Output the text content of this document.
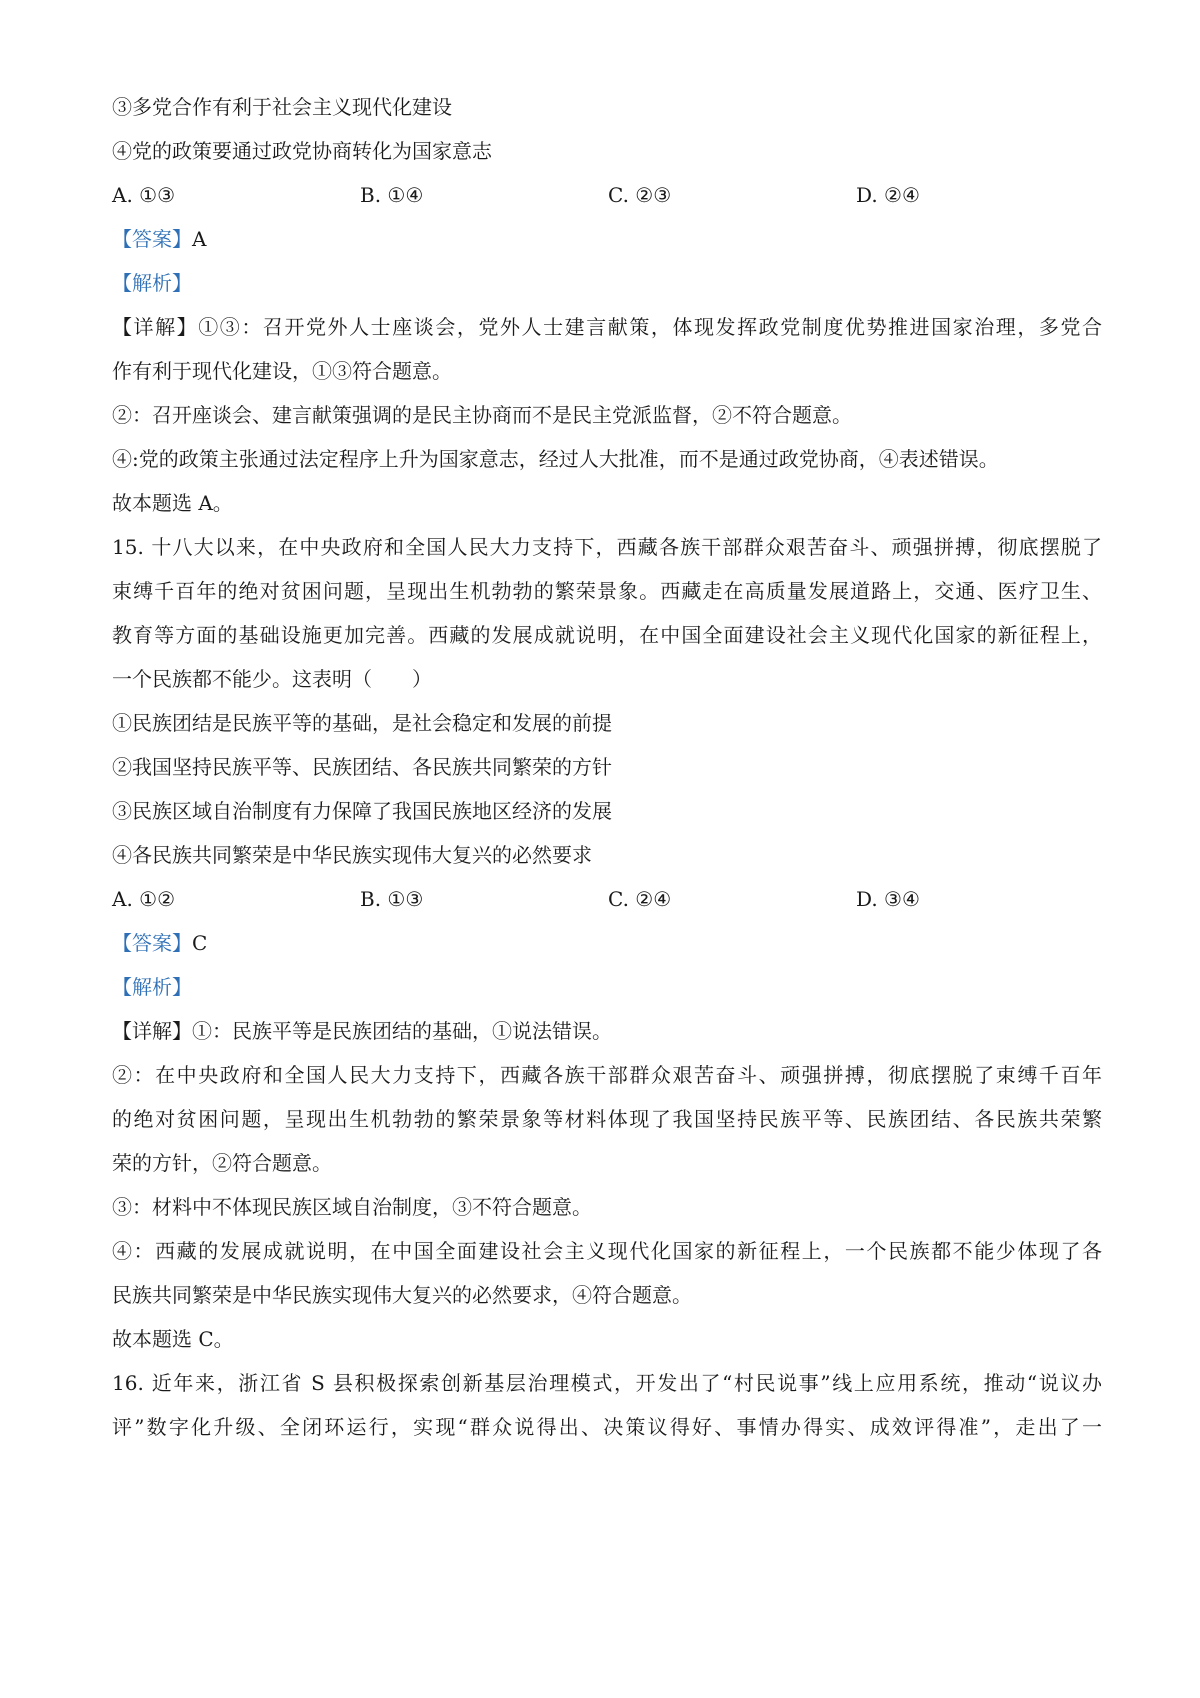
③多党合作有利于社会主义现代化建设
④党的政策要通过政党协商转化为国家意志
A. ①③	B. ①④	C. ②③	D. ②④
【答案】A
【解析】
【详解】①③：召开党外人士座谈会，党外人士建言献策，体现发挥政党制度优势推进国家治理，多党合
作有利于现代化建设，①③符合题意。
②：召开座谈会、建言献策强调的是民主协商而不是民主党派监督，②不符合题意。
④:党的政策主张通过法定程序上升为国家意志，经过人大批准，而不是通过政党协商，④表述错误。
故本题选 A。
15. 十八大以来，在中央政府和全国人民大力支持下，西藏各族干部群众艰苦奋斗、顽强拼搏，彻底摆脱了
束缚千百年的绝对贫困问题，呈现出生机勃勃的繁荣景象。西藏走在高质量发展道路上，交通、医疗卫生、
教育等方面的基础设施更加完善。西藏的发展成就说明，在中国全面建设社会主义现代化国家的新征程上，
一个民族都不能少。这表明（　　）
①民族团结是民族平等的基础，是社会稳定和发展的前提
②我国坚持民族平等、民族团结、各民族共同繁荣的方针
③民族区域自治制度有力保障了我国民族地区经济的发展
④各民族共同繁荣是中华民族实现伟大复兴的必然要求
A. ①②	B. ①③	C. ②④	D. ③④
【答案】C
【解析】
【详解】①：民族平等是民族团结的基础，①说法错误。
②：在中央政府和全国人民大力支持下，西藏各族干部群众艰苦奋斗、顽强拼搏，彻底摆脱了束缚千百年
的绝对贫困问题，呈现出生机勃勃的繁荣景象等材料体现了我国坚持民族平等、民族团结、各民族共荣繁
荣的方针，②符合题意。
③：材料中不体现民族区域自治制度，③不符合题意。
④：西藏的发展成就说明，在中国全面建设社会主义现代化国家的新征程上，一个民族都不能少体现了各
民族共同繁荣是中华民族实现伟大复兴的必然要求，④符合题意。
故本题选 C。
16. 近年来，浙江省 S 县积极探索创新基层治理模式，开发出了“村民说事”线上应用系统，推动“说议办
评”数字化升级、全闭环运行，实现“群众说得出、决策议得好、事情办得实、成效评得准”，走出了一
